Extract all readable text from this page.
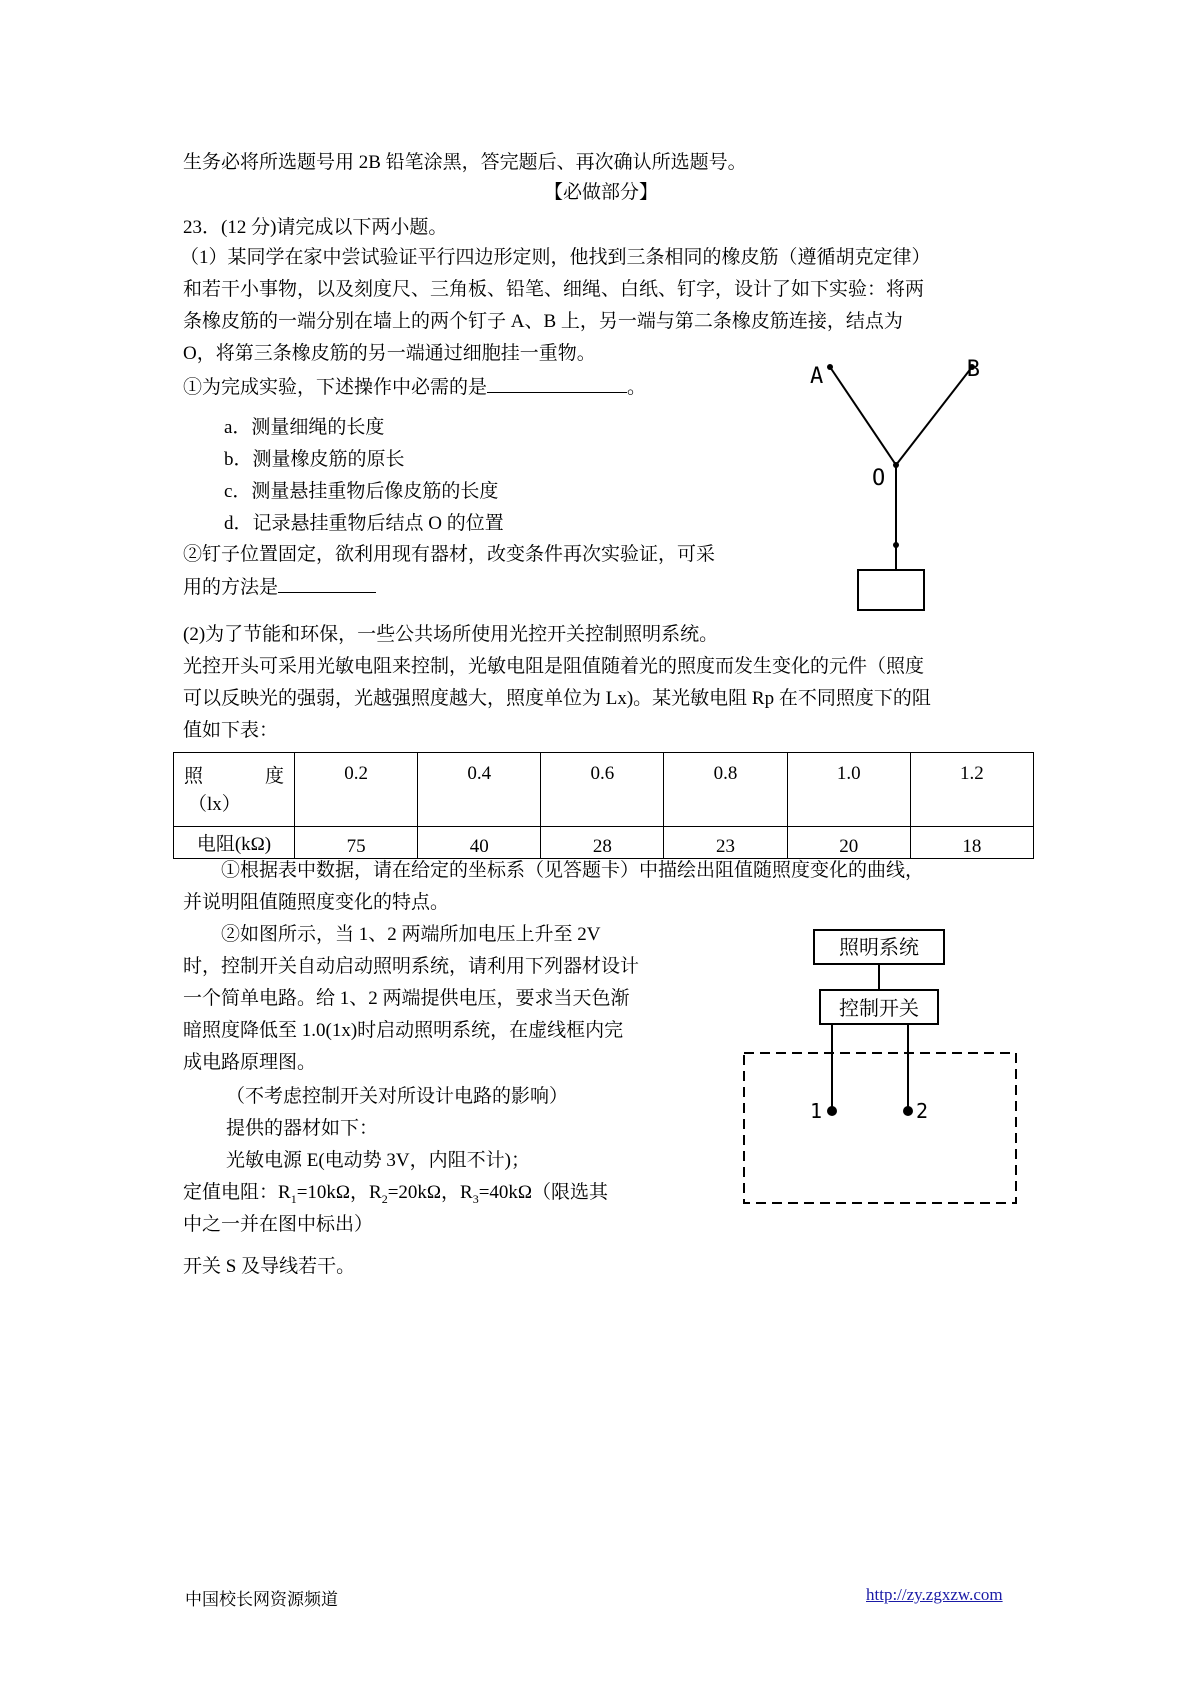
生务必将所选题号用 2B 铅笔涂黑，答完题后、再次确认所选题号。
【必做部分】
23．(12 分)请完成以下两小题。
（1）某同学在家中尝试验证平行四边形定则，他找到三条相同的橡皮筋（遵循胡克定律）
和若干小事物，以及刻度尺、三角板、铅笔、细绳、白纸、钉字，设计了如下实验：将两
条橡皮筋的一端分别在墙上的两个钉子 A、B 上，另一端与第二条橡皮筋连接，结点为
O，将第三条橡皮筋的另一端通过细胞挂一重物。
①为完成实验，下述操作中必需的是	。
a．测量细绳的长度
b．测量橡皮筋的原长
c．测量悬挂重物后像皮筋的长度
d．记录悬挂重物后结点 O 的位置
②钉子位置固定，欲利用现有器材，改变条件再次实验证，可采
用的方法是
(2)为了节能和环保，一些公共场所使用光控开关控制照明系统。
光控开头可采用光敏电阻来控制，光敏电阻是阻值随着光的照度而发生变化的元件（照度
可以反映光的强弱，光越强照度越大，照度单位为 Lx)。某光敏电阻 Rp 在不同照度下的阻
值如下表：
照 度
（lx）	0.2	0.4	0.6	0.8	1.0	1.2
电阻(kΩ)	75	40	28	23	20	18
①根据表中数据，请在给定的坐标系（见答题卡）中描绘出阻值随照度变化的曲线，
并说明阻值随照度变化的特点。
②如图所示，当 1、2 两端所加电压上升至 2V
时，控制开关自动启动照明系统，请利用下列器材设计
一个简单电路。给 1、2 两端提供电压，要求当天色渐
暗照度降低至 1.0(1x)时启动照明系统，在虚线框内完
成电路原理图。
（不考虑控制开关对所设计电路的影响）
提供的器材如下：
光敏电源 E(电动势 3V，内阻不计)；
定值电阻：$R_1=10k\Omega$，$R_2=20k\Omega$，$R_3=40k\Omega$（限选其
中之一并在图中标出）
开关 S 及导线若干。
A	B
O
照明系统
控制开关
1	2
中国校长网资源频道	http://zy.zgxzw.com
